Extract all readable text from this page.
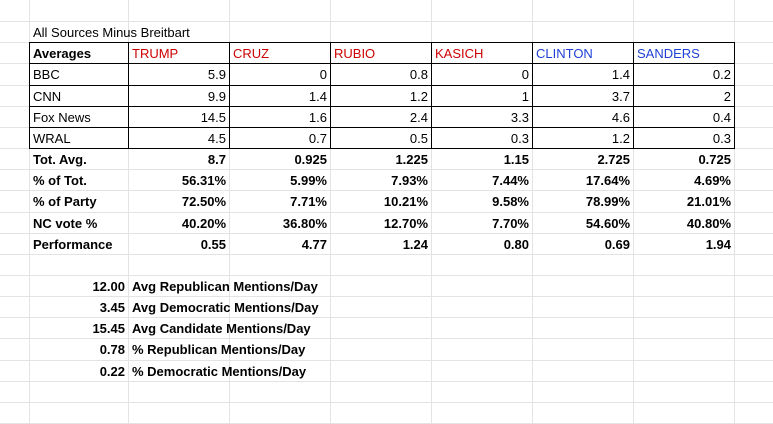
All Sources Minus Breitbart
Averages	TRUMP	CRUZ	RUBIO	KASICH	CLINTON	SANDERS
BBC	5.9	0	0.8	0	1.4	0.2
CNN	9.9	1.4	1.2	1	3.7	2
Fox News	14.5	1.6	2.4	3.3	4.6	0.4
WRAL	4.5	0.7	0.5	0.3	1.2	0.3
Tot. Avg.	8.7	0.925	1.225	1.15	2.725	0.725
% of Tot.	56.31%	5.99%	7.93%	7.44%	17.64%	4.69%
% of Party	72.50%	7.71%	10.21%	9.58%	78.99%	21.01%
NC vote %	40.20%	36.80%	12.70%	7.70%	54.60%	40.80%
Performance	0.55	4.77	1.24	0.80	0.69	1.94
12.00 Avg Republican Mentions/Day
3.45 Avg Democratic Mentions/Day
15.45 Avg Candidate Mentions/Day
0.78 % Republican Mentions/Day
0.22 % Democratic Mentions/Day
